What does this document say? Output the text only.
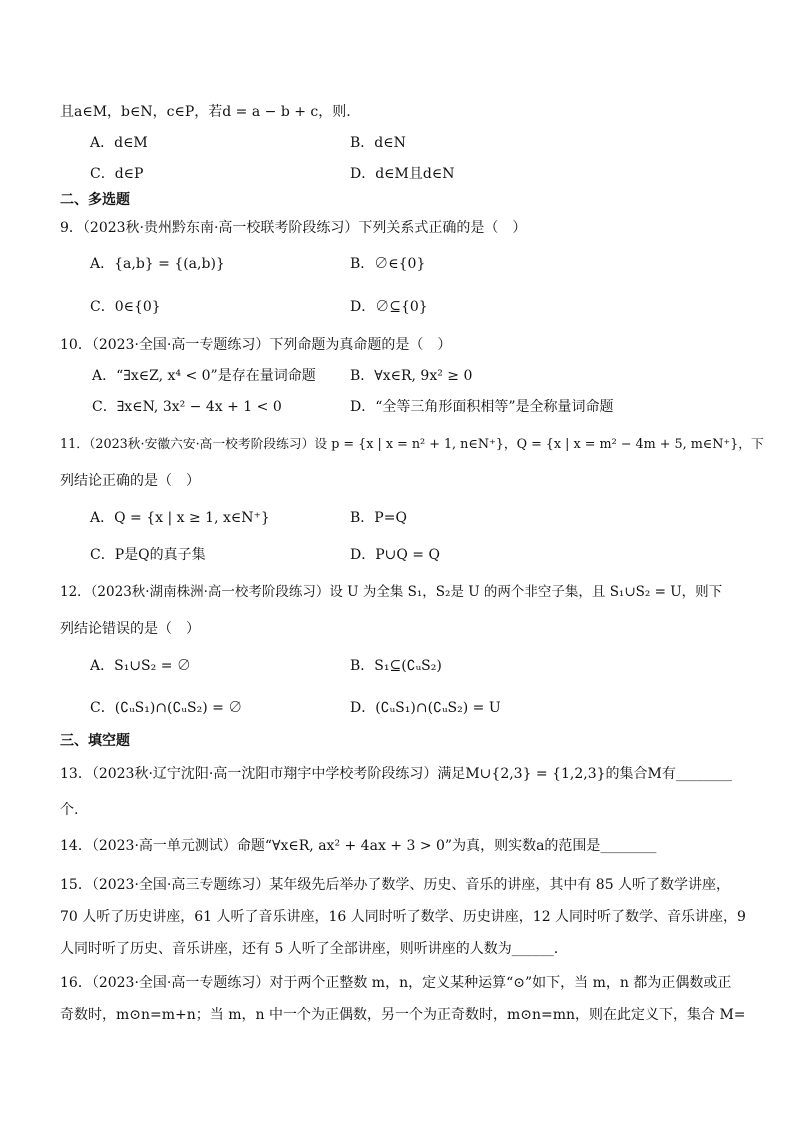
且a∈M，b∈N，c∈P，若d = a − b + c，则.
A．d∈M	B．d∈N
C．d∈P	D．d∈M且d∈N
二、多选题
9．（2023秋·贵州黔东南·高一校联考阶段练习）下列关系式正确的是（　）
A．{a,b} = {(a,b)}	B．∅∈{0}
C．0∈{0}	D．∅⊆{0}
10．（2023·全国·高一专题练习）下列命题为真命题的是（　）
A．“∃x∈Z, x⁴ < 0”是存在量词命题 B．∀x∈R, 9x² ≥ 0
C．∃x∈N, 3x² − 4x + 1 < 0	D．“全等三角形面积相等”是全称量词命题
11．（2023秋·安徽六安·高一校考阶段练习）设 p = {x | x = n² + 1, n∈N⁺}，Q = {x | x = m² − 4m + 5, m∈N⁺}，下
列结论正确的是（　）
A．Q = {x | x ≥ 1, x∈N⁺}	B．P=Q
C．P是Q的真子集	D．P∪Q = Q
12．（2023秋·湖南株洲·高一校考阶段练习）设 U 为全集 S₁，S₂是 U 的两个非空子集，且 S₁∪S₂ = U，则下
列结论错误的是（　）
A．S₁∪S₂ = ∅	B．S₁⊆(∁ᵤS₂)
C．(∁ᵤS₁)∩(∁ᵤS₂) = ∅	D．(∁ᵤS₁)∩(∁ᵤS₂) = U
三、填空题
13．（2023秋·辽宁沈阳·高一沈阳市翔宇中学校考阶段练习）满足M∪{2,3} = {1,2,3}的集合M有________
个.
14．（2023·高一单元测试）命题“∀x∈R, ax² + 4ax + 3 > 0”为真，则实数a的范围是________
15．（2023·全国·高三专题练习）某年级先后举办了数学、历史、音乐的讲座，其中有 85 人听了数学讲座，
70 人听了历史讲座，61 人听了音乐讲座，16 人同时听了数学、历史讲座，12 人同时听了数学、音乐讲座，9
人同时听了历史、音乐讲座，还有 5 人听了全部讲座，则听讲座的人数为______.
16．（2023·全国·高一专题练习）对于两个正整数 m，n，定义某种运算“⊙”如下，当 m，n 都为正偶数或正
奇数时，m⊙n=m+n；当 m，n 中一个为正偶数，另一个为正奇数时，m⊙n=mn，则在此定义下，集合 M=
